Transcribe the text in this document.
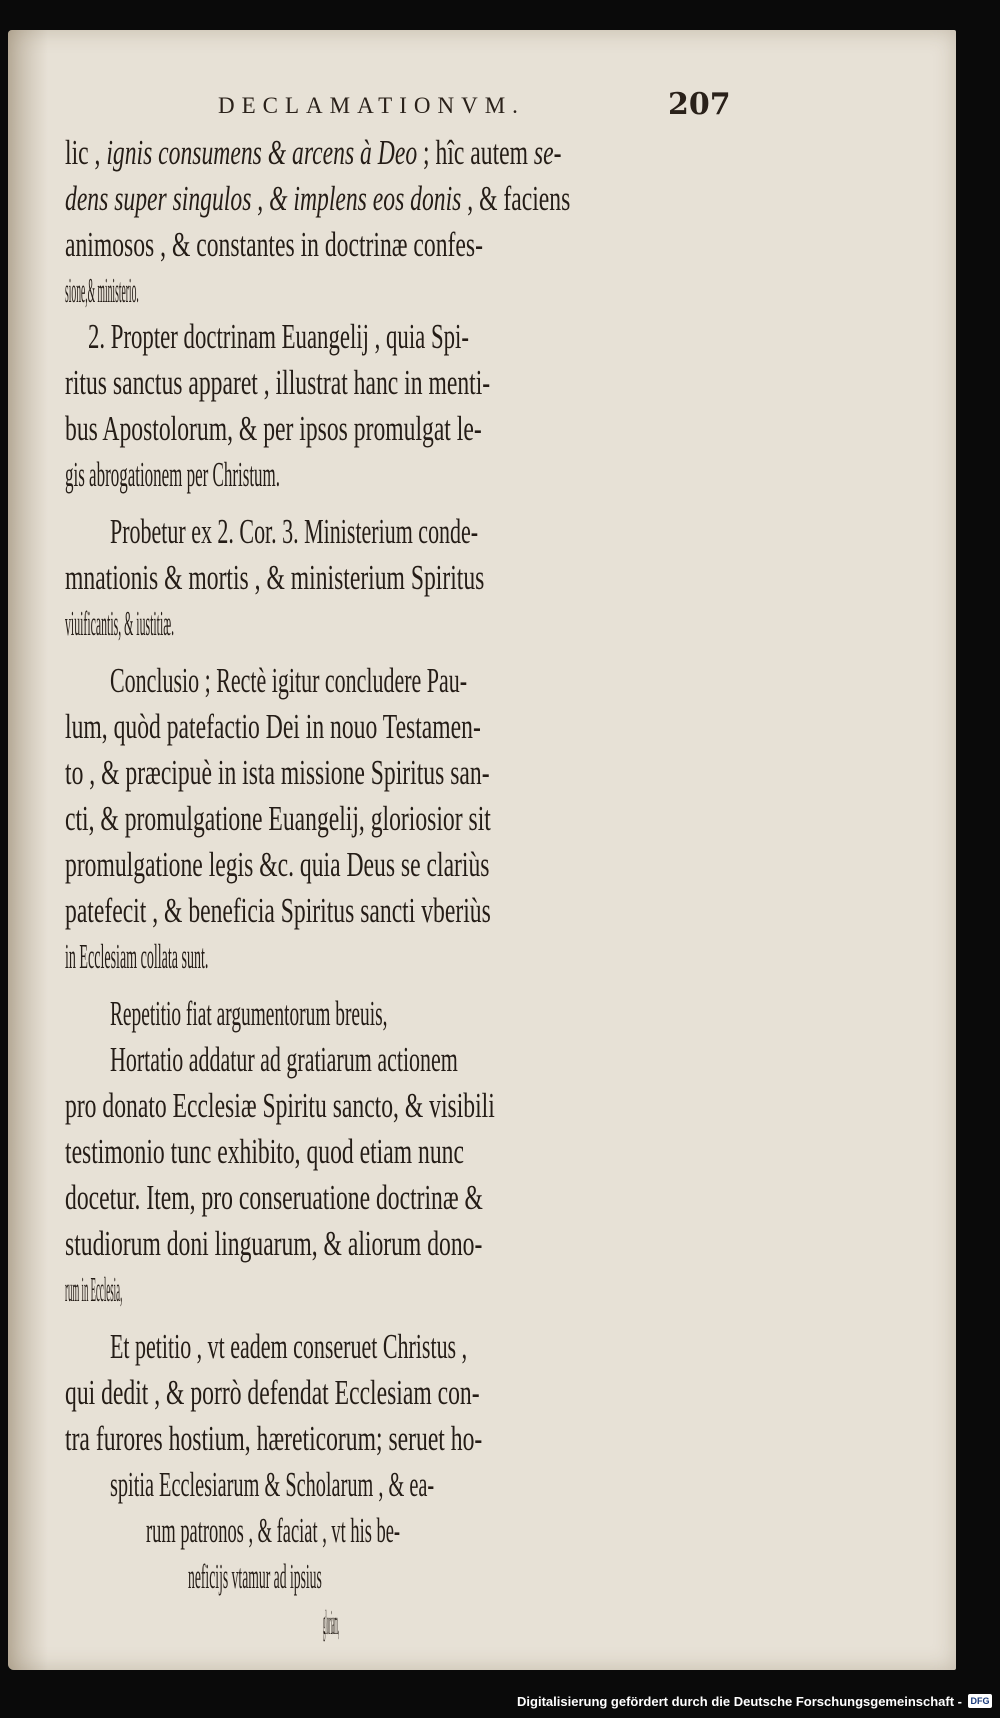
DECLAMATIONVM.	207
lic , ignis consumens & arcens à Deo ; hîc autem se-
dens super singulos , & implens eos donis , & faciens
animosos , & constantes in doctrinæ confes-
sione,& ministerio.
2. Propter doctrinam Euangelij , quia Spi-
ritus sanctus apparet , illustrat hanc in menti-
bus Apostolorum, & per ipsos promulgat le-
gis abrogationem per Christum.
Probetur ex 2. Cor. 3. Ministerium conde-
mnationis & mortis , & ministerium Spiritus
viuificantis, & iustitiæ.
Conclusio ; Rectè igitur concludere Pau-
lum, quòd patefactio Dei in nouo Testamen-
to , & præcipuè in ista missione Spiritus san-
cti, & promulgatione Euangelij, gloriosior sit
promulgatione legis &c. quia Deus se clariùs
patefecit , & beneficia Spiritus sancti vberiùs
in Ecclesiam collata sunt.
Repetitio fiat argumentorum breuis,
Hortatio addatur ad gratiarum actionem
pro donato Ecclesiæ Spiritu sancto, & visibili
testimonio tunc exhibito, quod etiam nunc
docetur. Item, pro conseruatione doctrinæ &
studiorum doni linguarum, & aliorum dono-
rum in Ecclesia,
Et petitio , vt eadem conseruet Christus ,
qui dedit , & porrò defendat Ecclesiam con-
tra furores hostium, hæreticorum; seruet ho-
spitia Ecclesiarum & Scholarum , & ea-
rum patronos , & faciat , vt his be-
neficijs vtamur ad ipsius
gloriam,
Digitalisierung gefördert durch die Deutsche Forschungsgemeinschaft - DFG
